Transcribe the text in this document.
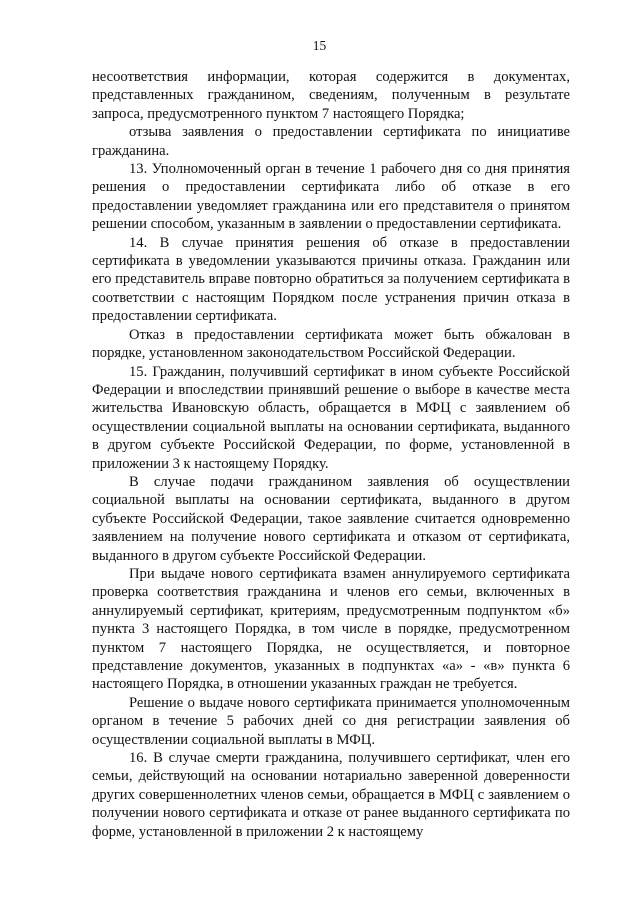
15

несоответствия информации, которая содержится в документах, представленных гражданином, сведениям, полученным в результате запроса, предусмотренного пунктом 7 настоящего Порядка;

отзыва заявления о предоставлении сертификата по инициативе гражданина.

13. Уполномоченный орган в течение 1 рабочего дня со дня принятия решения о предоставлении сертификата либо об отказе в его предоставлении уведомляет гражданина или его представителя о принятом решении способом, указанным в заявлении о предоставлении сертификата.

14. В случае принятия решения об отказе в предоставлении сертификата в уведомлении указываются причины отказа. Гражданин или его представитель вправе повторно обратиться за получением сертификата в соответствии с настоящим Порядком после устранения причин отказа в предоставлении сертификата.

Отказ в предоставлении сертификата может быть обжалован в порядке, установленном законодательством Российской Федерации.

15. Гражданин, получивший сертификат в ином субъекте Российской Федерации и впоследствии принявший решение о выборе в качестве места жительства Ивановскую область, обращается в МФЦ с заявлением об осуществлении социальной выплаты на основании сертификата, выданного в другом субъекте Российской Федерации, по форме, установленной в приложении 3 к настоящему Порядку.

В случае подачи гражданином заявления об осуществлении социальной выплаты на основании сертификата, выданного в другом субъекте Российской Федерации, такое заявление считается одновременно заявлением на получение нового сертификата и отказом от сертификата, выданного в другом субъекте Российской Федерации.

При выдаче нового сертификата взамен аннулируемого сертификата проверка соответствия гражданина и членов его семьи, включенных в аннулируемый сертификат, критериям, предусмотренным подпунктом «б» пункта 3 настоящего Порядка, в том числе в порядке, предусмотренном пунктом 7 настоящего Порядка, не осуществляется, и повторное представление документов, указанных в подпунктах «а» - «в» пункта 6 настоящего Порядка, в отношении указанных граждан не требуется.

Решение о выдаче нового сертификата принимается уполномоченным органом в течение 5 рабочих дней со дня регистрации заявления об осуществлении социальной выплаты в МФЦ.

16. В случае смерти гражданина, получившего сертификат, член его семьи, действующий на основании нотариально заверенной доверенности других совершеннолетних членов семьи, обращается в МФЦ с заявлением о получении нового сертификата и отказе от ранее выданного сертификата по форме, установленной в приложении 2 к настоящему
